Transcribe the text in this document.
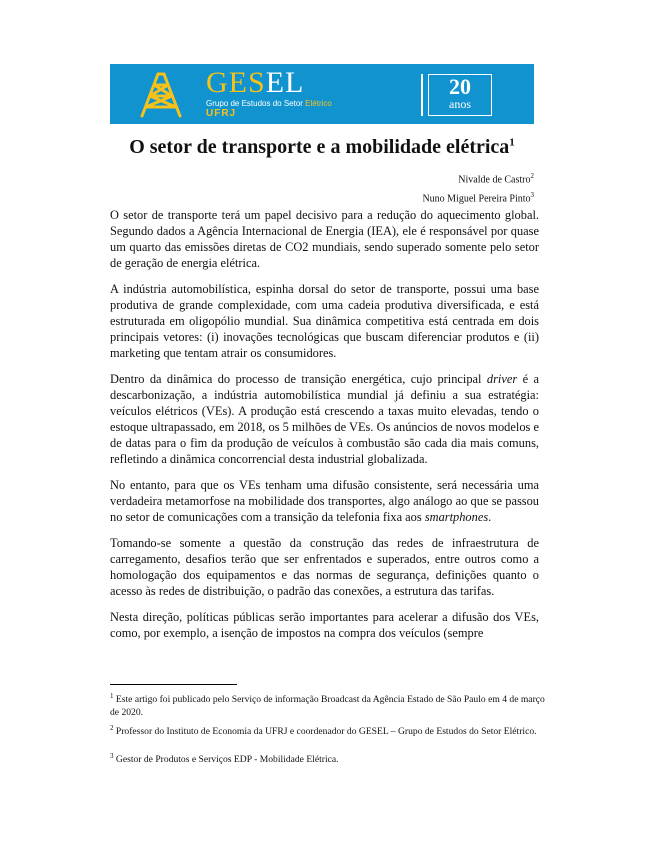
GESEL
Grupo de Estudos do Setor Elétrico
UFRJ
20
anos
O setor de transporte e a mobilidade elétrica$^1$
Nivalde de Castro$^2$
Nuno Miguel Pereira Pinto$^3$

O setor de transporte terá um papel decisivo para a redução do aquecimento global. Segundo dados a Agência Internacional de Energia (IEA), ele é responsável por quase um quarto das emissões diretas de CO2 mundiais, sendo superado somente pelo setor de geração de energia elétrica.

A indústria automobilística, espinha dorsal do setor de transporte, possui uma base produtiva de grande complexidade, com uma cadeia produtiva diversificada, e está estruturada em oligopólio mundial. Sua dinâmica competitiva está centrada em dois principais vetores: (i) inovações tecnológicas que buscam diferenciar produtos e (ii) marketing que tentam atrair os consumidores.

Dentro da dinâmica do processo de transição energética, cujo principal driver é a descarbonização, a indústria automobilística mundial já definiu a sua estratégia: veículos elétricos (VEs). A produção está crescendo a taxas muito elevadas, tendo o estoque ultrapassado, em 2018, os 5 milhões de VEs. Os anúncios de novos modelos e de datas para o fim da produção de veículos à combustão são cada dia mais comuns, refletindo a dinâmica concorrencial desta industrial globalizada.

No entanto, para que os VEs tenham uma difusão consistente, será necessária uma verdadeira metamorfose na mobilidade dos transportes, algo análogo ao que se passou no setor de comunicações com a transição da telefonia fixa aos smartphones.

Tomando-se somente a questão da construção das redes de infraestrutura de carregamento, desafios terão que ser enfrentados e superados, entre outros como a homologação dos equipamentos e das normas de segurança, definições quanto o acesso às redes de distribuição, o padrão das conexões, a estrutura das tarifas.

Nesta direção, políticas públicas serão importantes para acelerar a difusão dos VEs, como, por exemplo, a isenção de impostos na compra dos veículos (sempre

$^1$ Este artigo foi publicado pelo Serviço de informação Broadcast da Agência Estado de São Paulo em 4 de março de 2020.
$^2$ Professor do Instituto de Economia da UFRJ e coordenador do GESEL – Grupo de Estudos do Setor Elétrico.
$^3$ Gestor de Produtos e Serviços EDP - Mobilidade Elétrica.
